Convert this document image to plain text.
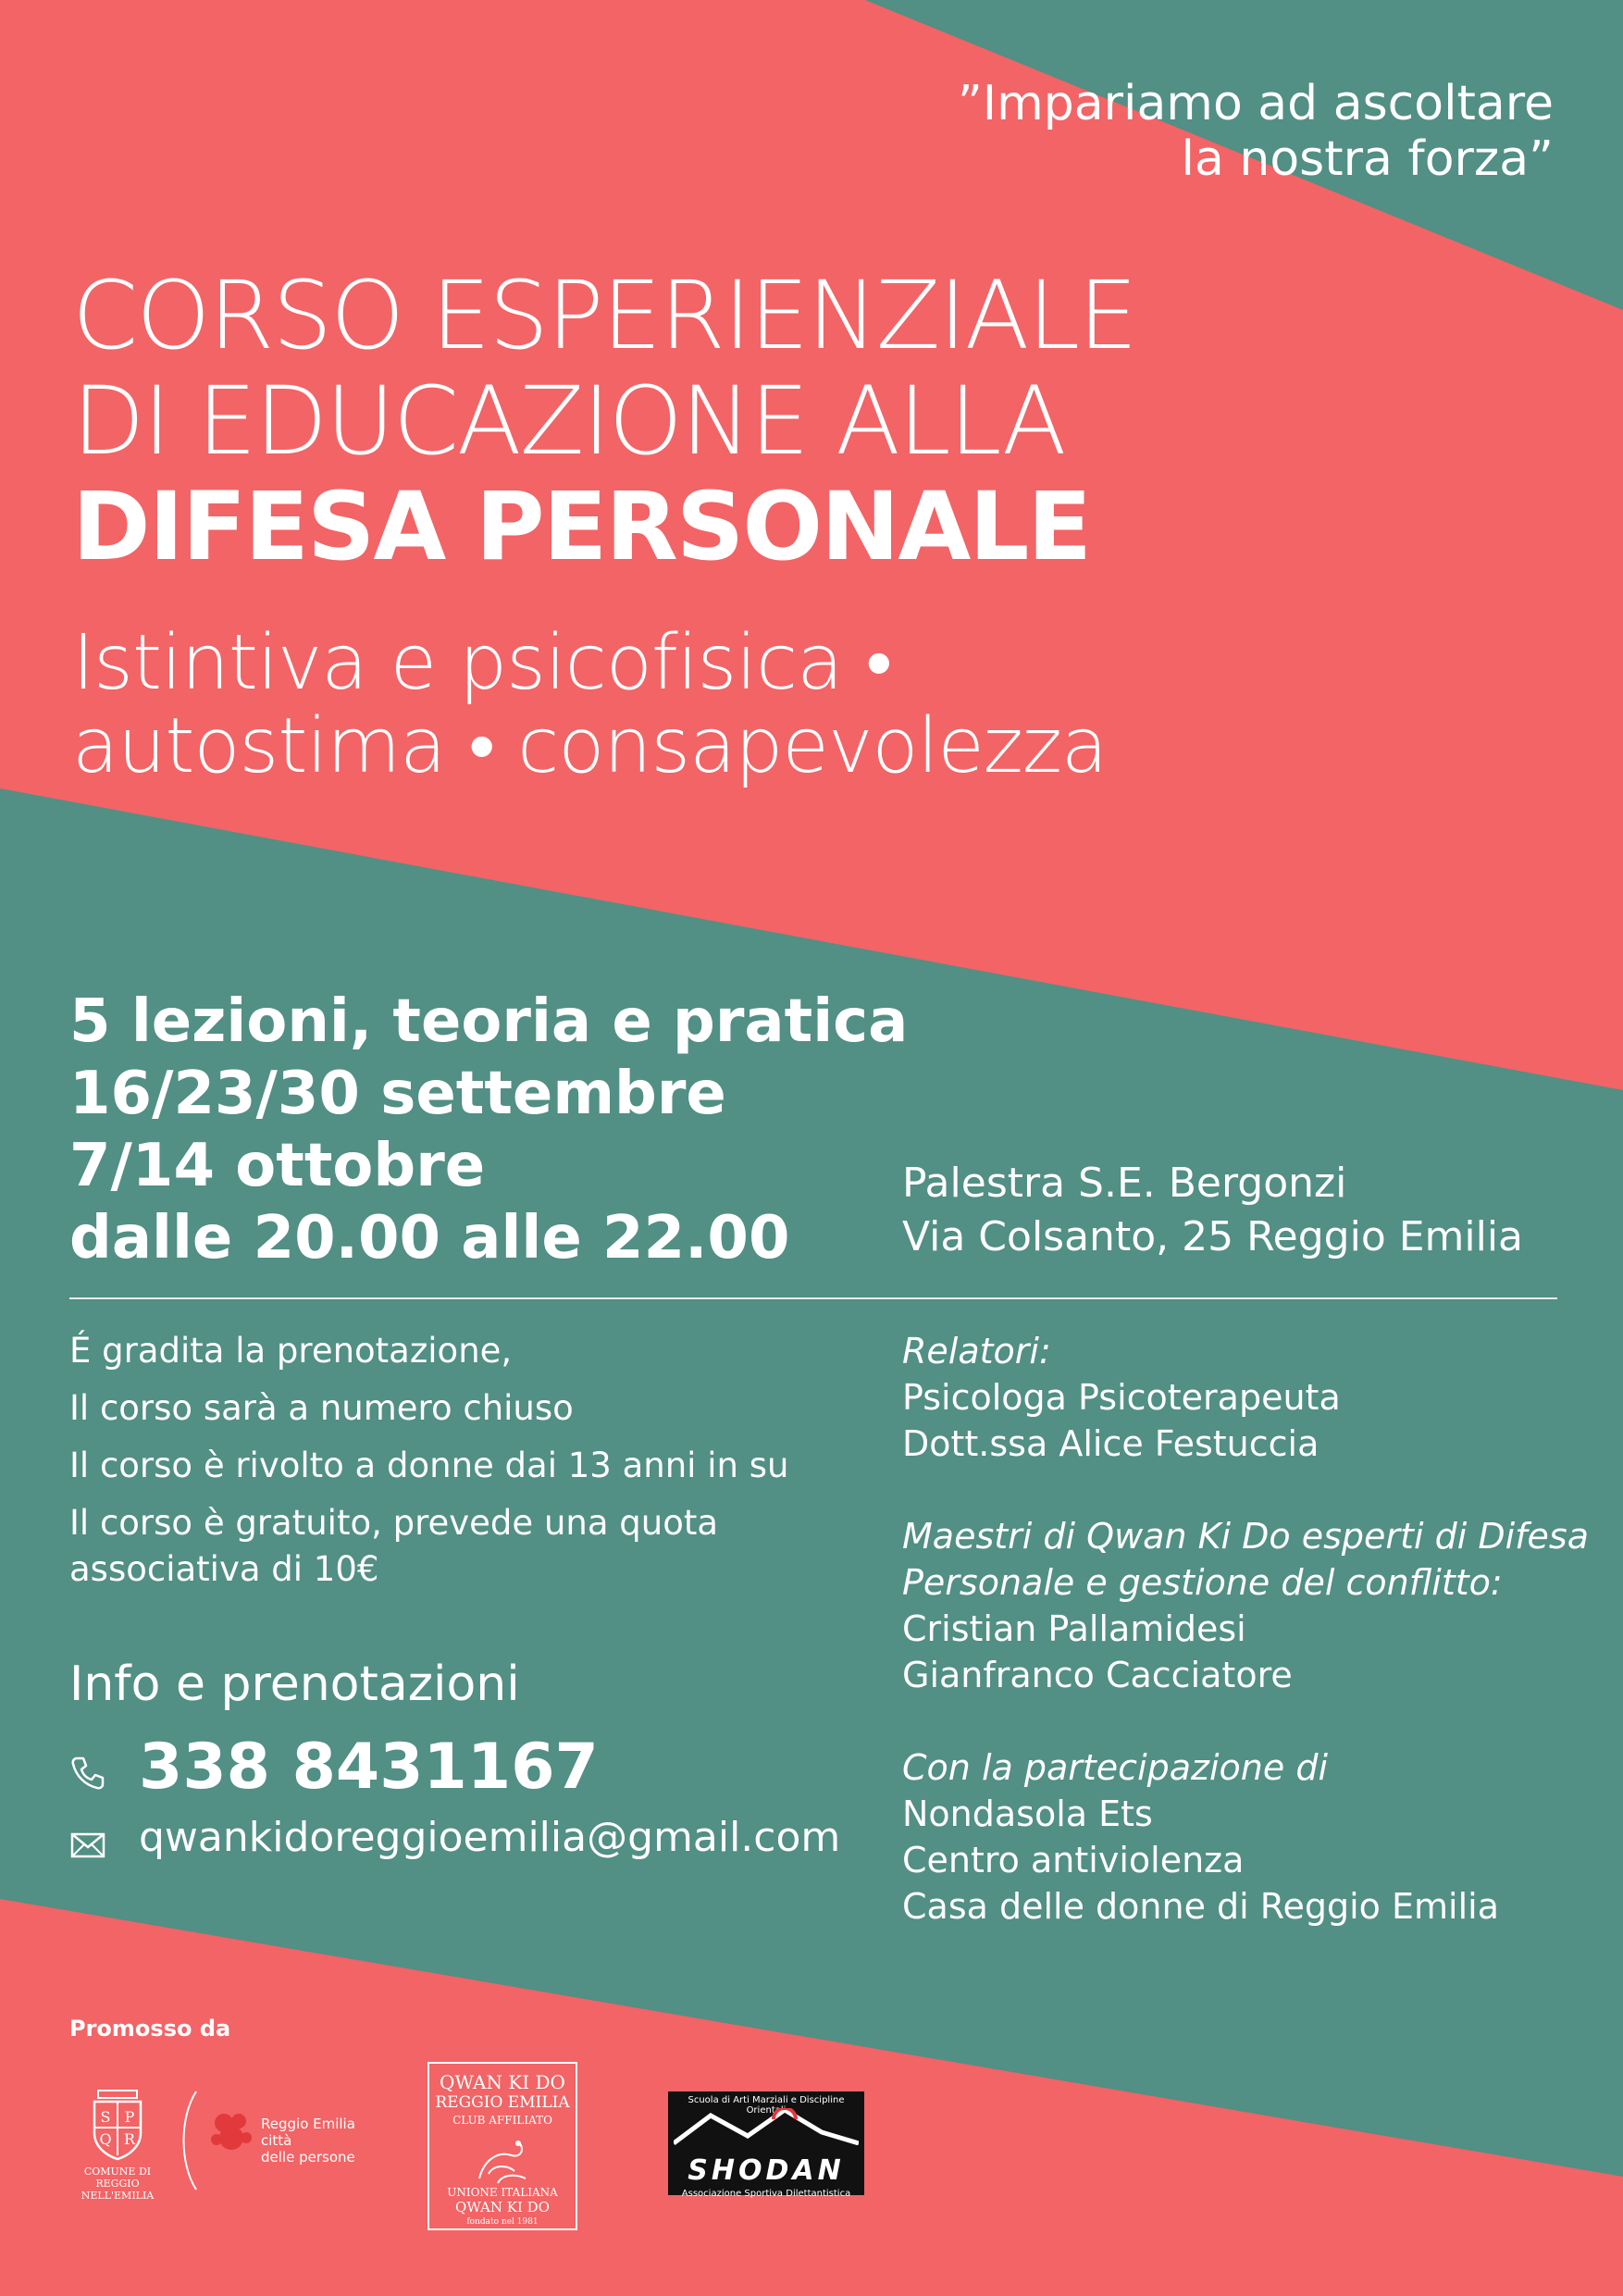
”Impariamo ad ascoltare
la nostra forza”
CORSO ESPERIENZIALE
DI EDUCAZIONE ALLA
DIFESA PERSONALE
Istintiva e psicofisica •
autostima • consapevolezza
5 lezioni, teoria e pratica
16/23/30 settembre
7/14 ottobre
dalle 20.00 alle 22.00
Palestra S.E. Bergonzi
Via Colsanto, 25 Reggio Emilia

É gradita la prenotazione,

Il corso sarà a numero chiuso

Il corso è rivolto a donne dai 13 anni in su

Il corso è gratuito, prevede una quota
associativa di 10€

Info e prenotazioni
338 8431167
qwankidoreggioemilia@gmail.com
Relatori:
Psicologa Psicoterapeuta
Dott.ssa Alice Festuccia
Maestri di Qwan Ki Do esperti di Difesa
Personale e gestione del conflitto:
Cristian Pallamidesi
Gianfranco Cacciatore
Con la partecipazione di
Nondasola Ets
Centro antiviolenza
Casa delle donne di Reggio Emilia
Promosso da
S P
Q R
COMUNE DI
REGGIO NELL'EMILIA
Reggio Emilia
città
delle persone
QWAN KI DO
REGGIO EMILIA
CLUB AFFILIATO
UNIONE ITALIANA
QWAN KI DO
fondato nel 1981
Scuola di Arti Marziali e Discipline Orientali
SHODAN
Associazione Sportiva Dilettantistica
